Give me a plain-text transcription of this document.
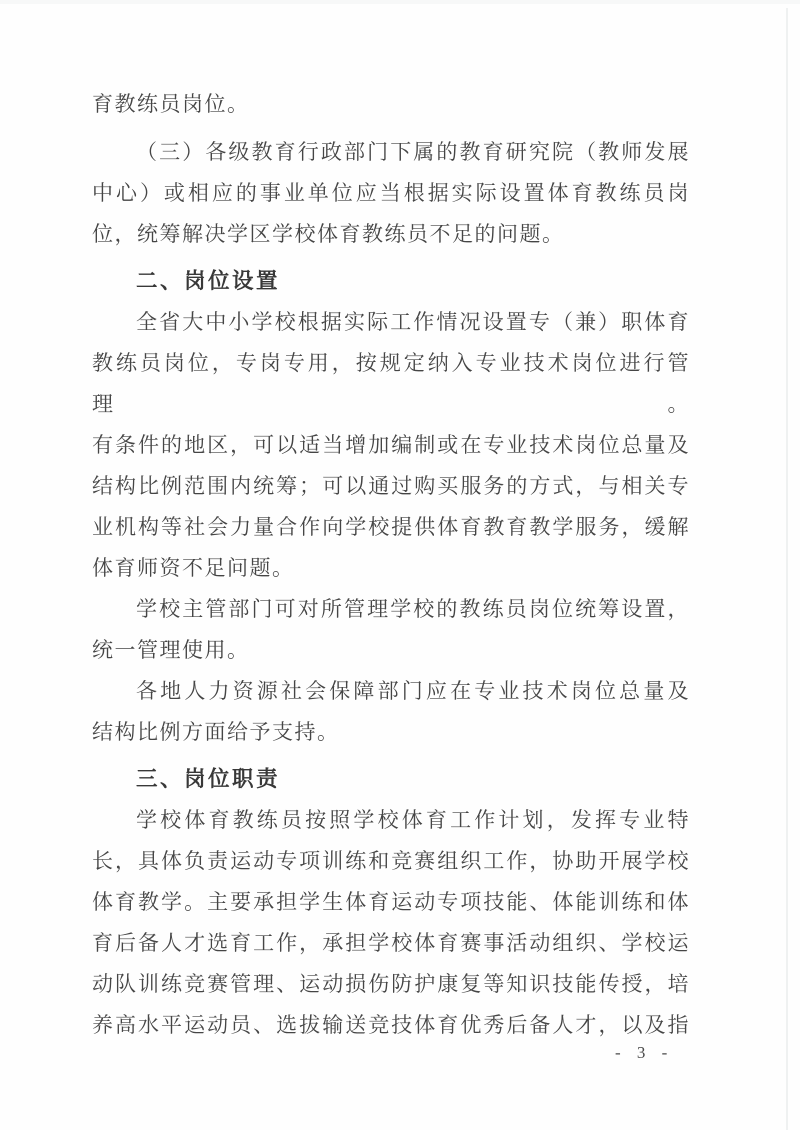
育教练员岗位。
（三）各级教育行政部门下属的教育研究院（教师发展
中心）或相应的事业单位应当根据实际设置体育教练员岗
位，统筹解决学区学校体育教练员不足的问题。
二、岗位设置
全省大中小学校根据实际工作情况设置专（兼）职体育
教练员岗位，专岗专用，按规定纳入专业技术岗位进行管理。
有条件的地区，可以适当增加编制或在专业技术岗位总量及
结构比例范围内统筹；可以通过购买服务的方式，与相关专
业机构等社会力量合作向学校提供体育教育教学服务，缓解
体育师资不足问题。
学校主管部门可对所管理学校的教练员岗位统筹设置，
统一管理使用。
各地人力资源社会保障部门应在专业技术岗位总量及
结构比例方面给予支持。
三、岗位职责
学校体育教练员按照学校体育工作计划，发挥专业特
长，具体负责运动专项训练和竞赛组织工作，协助开展学校
体育教学。主要承担学生体育运动专项技能、体能训练和体
育后备人才选育工作，承担学校体育赛事活动组织、学校运
动队训练竞赛管理、运动损伤防护康复等知识技能传授，培
养高水平运动员、选拔输送竞技体育优秀后备人才，以及指
- 3 -
